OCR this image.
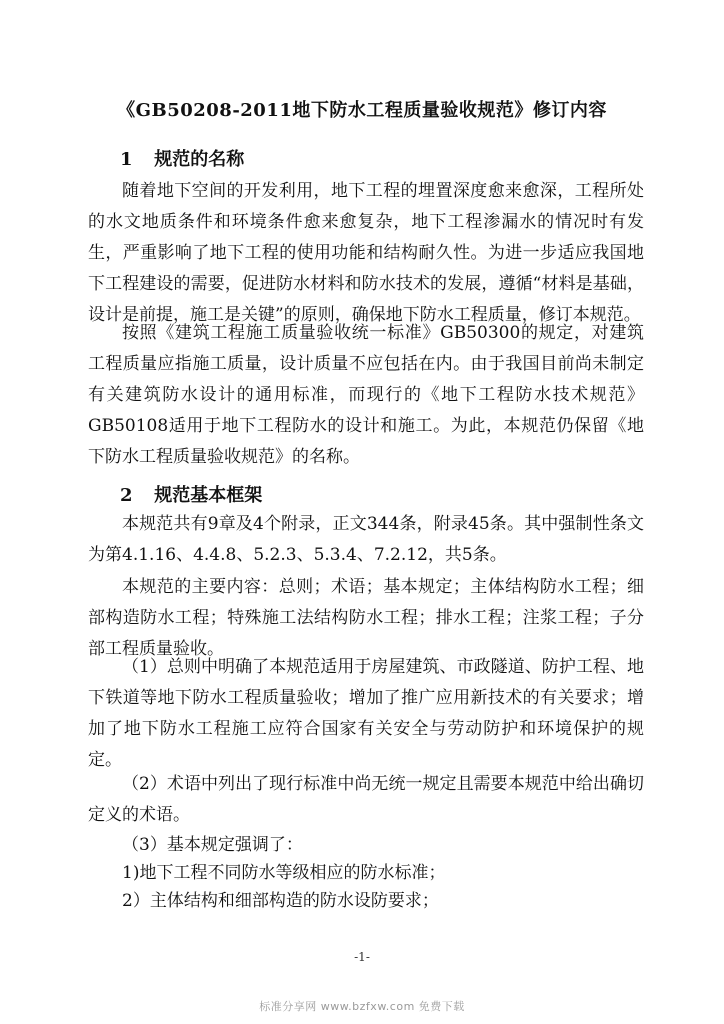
《GB50208-2011地下防水工程质量验收规范》修订内容
1 规范的名称

随着地下空间的开发利用，地下工程的埋置深度愈来愈深，工程所处的水文地质条件和环境条件愈来愈复杂，地下工程渗漏水的情况时有发生，严重影响了地下工程的使用功能和结构耐久性。为进一步适应我国地下工程建设的需要，促进防水材料和防水技术的发展，遵循“材料是基础，设计是前提，施工是关键”的原则，确保地下防水工程质量，修订本规范。

按照《建筑工程施工质量验收统一标准》GB50300的规定，对建筑工程质量应指施工质量，设计质量不应包括在内。由于我国目前尚未制定有关建筑防水设计的通用标准，而现行的《地下工程防水技术规范》GB50108适用于地下工程防水的设计和施工。为此，本规范仍保留《地下防水工程质量验收规范》的名称。

2 规范基本框架

本规范共有9章及4个附录，正文344条，附录45条。其中强制性条文为第4.1.16、4.4.8、5.2.3、5.3.4、7.2.12，共5条。

本规范的主要内容：总则；术语；基本规定；主体结构防水工程；细部构造防水工程；特殊施工法结构防水工程；排水工程；注浆工程；子分部工程质量验收。

（1）总则中明确了本规范适用于房屋建筑、市政隧道、防护工程、地下铁道等地下防水工程质量验收；增加了推广应用新技术的有关要求；增加了地下防水工程施工应符合国家有关安全与劳动防护和环境保护的规定。

（2）术语中列出了现行标准中尚无统一规定且需要本规范中给出确切定义的术语。

（3）基本规定强调了：
1)地下工程不同防水等级相应的防水标准；
2）主体结构和细部构造的防水设防要求；
-1-
标准分享网 www.bzfxw.com 免费下载
